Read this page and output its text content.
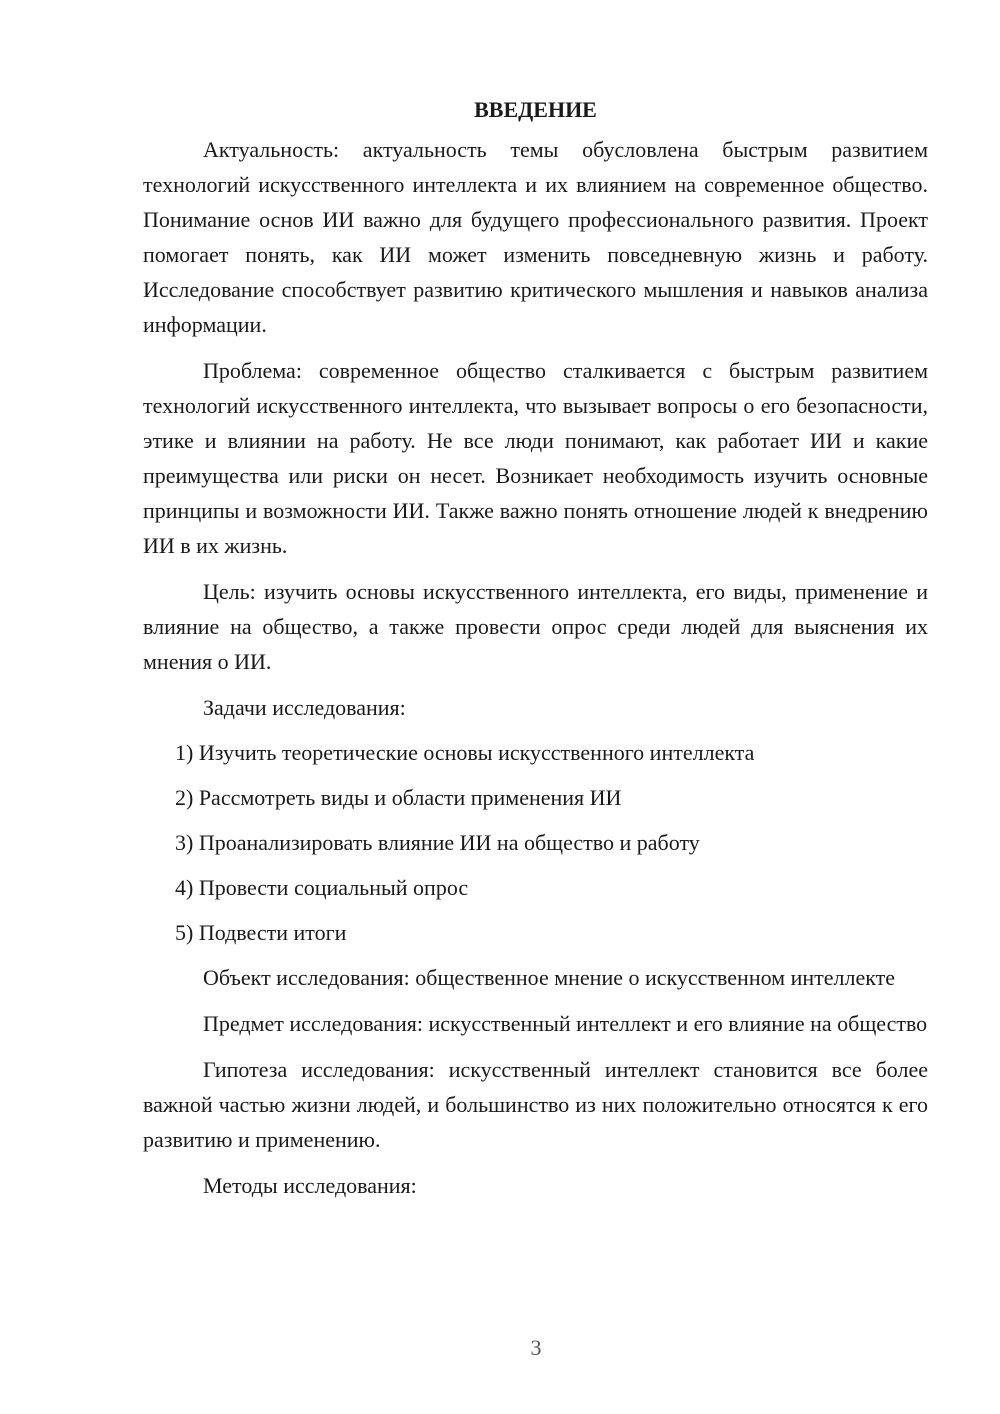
ВВЕДЕНИЕ

Актуальность: актуальность темы обусловлена быстрым развитием технологий искусственного интеллекта и их влиянием на современное общество. Понимание основ ИИ важно для будущего профессионального развития. Проект помогает понять, как ИИ может изменить повседневную жизнь и работу. Исследование способствует развитию критического мышления и навыков анализа информации.

Проблема: современное общество сталкивается с быстрым развитием технологий искусственного интеллекта, что вызывает вопросы о его безопасности, этике и влиянии на работу. Не все люди понимают, как работает ИИ и какие преимущества или риски он несет. Возникает необходимость изучить основные принципы и возможности ИИ. Также важно понять отношение людей к внедрению ИИ в их жизнь.

Цель: изучить основы искусственного интеллекта, его виды, применение и влияние на общество, а также провести опрос среди людей для выяснения их мнения о ИИ.

Задачи исследования:

1) Изучить теоретические основы искусственного интеллекта
2) Рассмотреть виды и области применения ИИ
3) Проанализировать влияние ИИ на общество и работу
4) Провести социальный опрос
5) Подвести итоги

Объект исследования: общественное мнение о искусственном интеллекте

Предмет исследования: искусственный интеллект и его влияние на общество

Гипотеза исследования: искусственный интеллект становится все более важной частью жизни людей, и большинство из них положительно относятся к его развитию и применению.

Методы исследования:

3
